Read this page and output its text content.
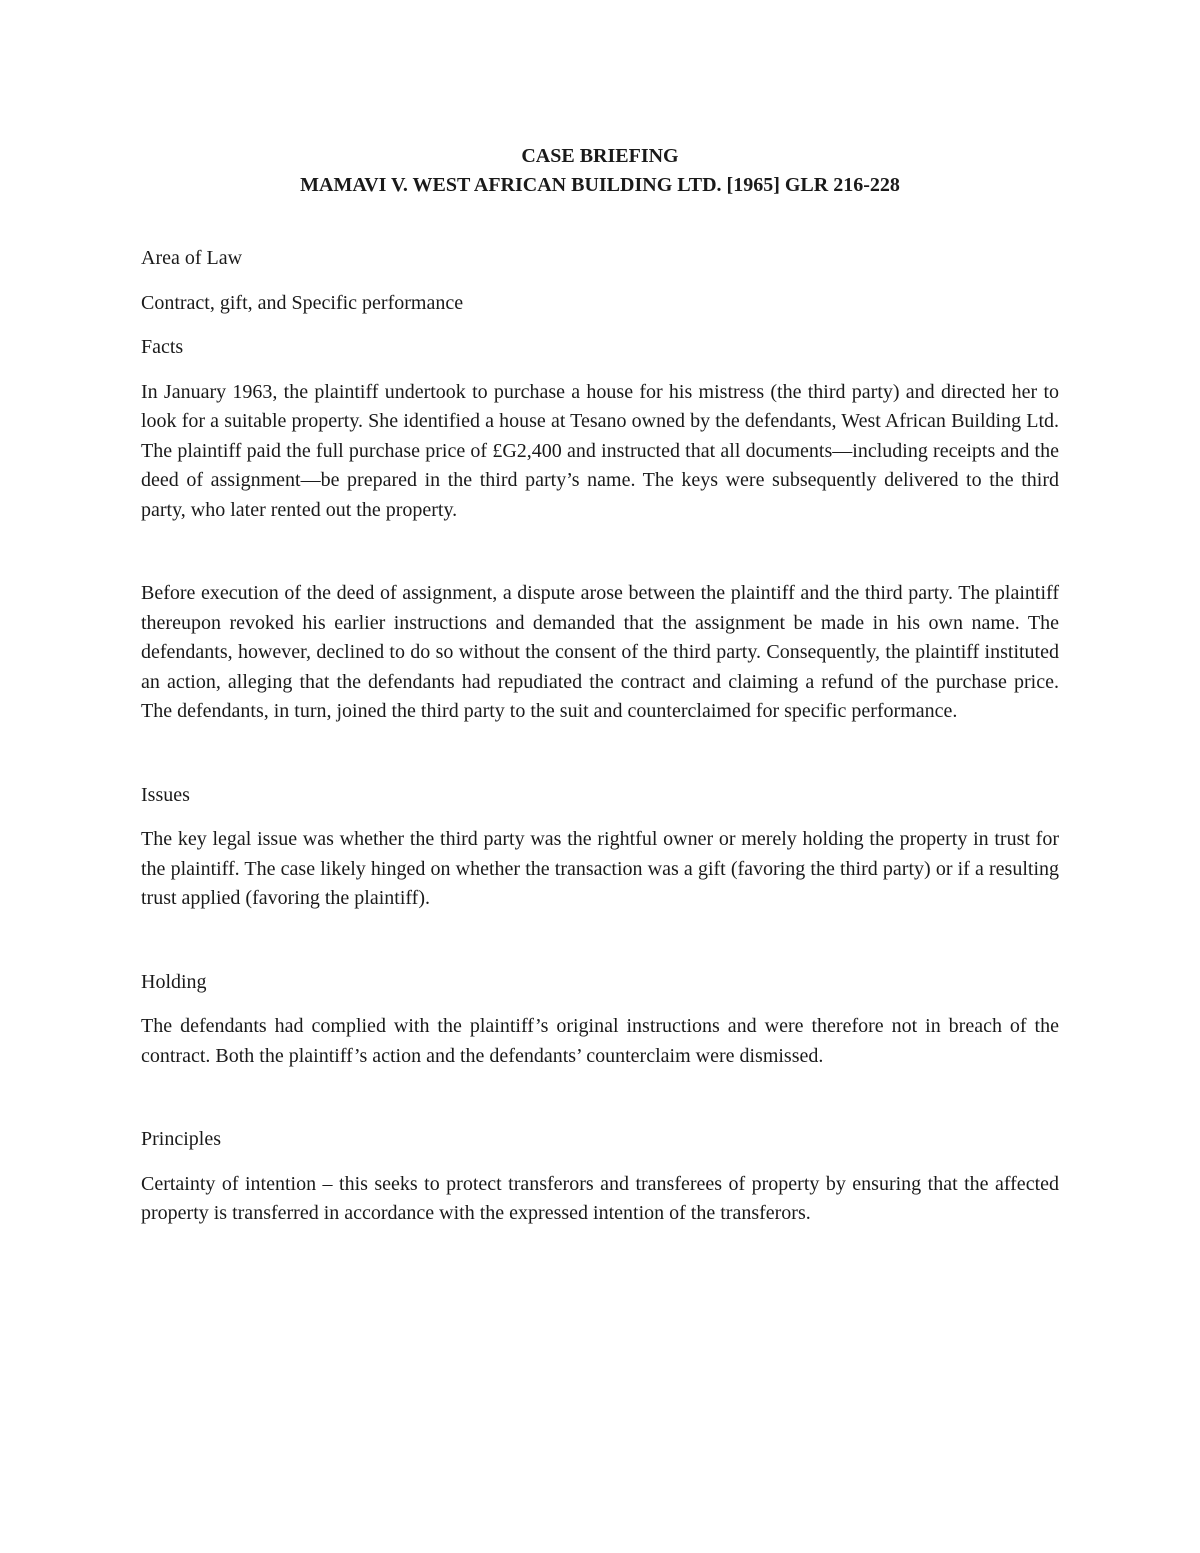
CASE BRIEFING
MAMAVI V. WEST AFRICAN BUILDING LTD. [1965] GLR 216-228

Area of Law

Contract, gift, and Specific performance

Facts

In January 1963, the plaintiff undertook to purchase a house for his mistress (the third party) and directed her to look for a suitable property. She identified a house at Tesano owned by the defendants, West African Building Ltd. The plaintiff paid the full purchase price of £G2,400 and instructed that all documents—including receipts and the deed of assignment—be prepared in the third party’s name. The keys were subsequently delivered to the third party, who later rented out the property.

Before execution of the deed of assignment, a dispute arose between the plaintiff and the third party. The plaintiff thereupon revoked his earlier instructions and demanded that the assignment be made in his own name. The defendants, however, declined to do so without the consent of the third party. Consequently, the plaintiff instituted an action, alleging that the defendants had repudiated the contract and claiming a refund of the purchase price. The defendants, in turn, joined the third party to the suit and counterclaimed for specific performance.

Issues

The key legal issue was whether the third party was the rightful owner or merely holding the property in trust for the plaintiff. The case likely hinged on whether the transaction was a gift (favoring the third party) or if a resulting trust applied (favoring the plaintiff).

Holding

The defendants had complied with the plaintiff’s original instructions and were therefore not in breach of the contract. Both the plaintiff’s action and the defendants’ counterclaim were dismissed.

Principles

Certainty of intention – this seeks to protect transferors and transferees of property by ensuring that the affected property is transferred in accordance with the expressed intention of the transferors.
